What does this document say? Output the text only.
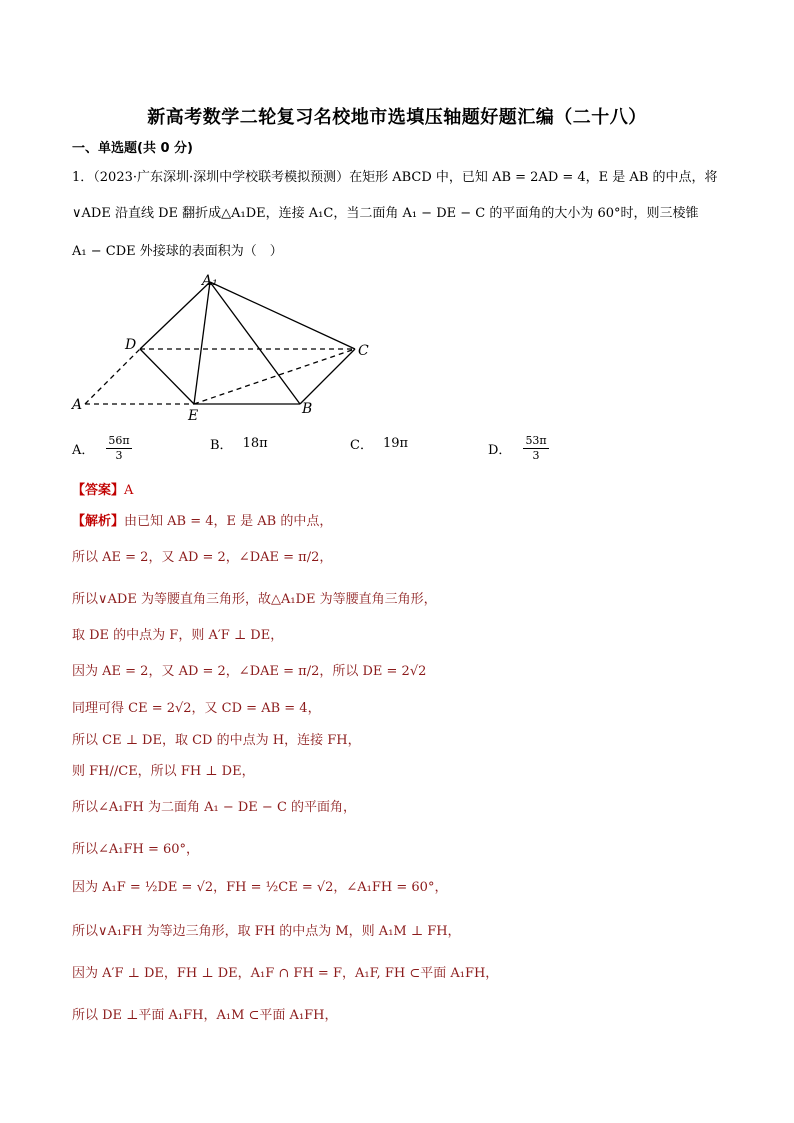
新高考数学二轮复习名校地市选填压轴题好题汇编（二十八）
一、单选题(共 0 分)
1．（2023·广东深圳·深圳中学校联考模拟预测）在矩形 ABCD 中，已知 AB = 2AD = 4，E 是 AB 的中点，将
∨ADE 沿直线 DE 翻折成△A₁DE，连接 A₁C，当二面角 A₁ − DE − C 的平面角的大小为 60°时，则三棱锥
A₁ − CDE 外接球的表面积为（　）
A₁
D	C
A
E	B
A． $\frac{56\pi}{3}$	B． 18π	C． 19π	D． $\frac{53\pi}{3}$
【答案】A
【解析】由已知 AB = 4，E 是 AB 的中点，
所以 AE = 2，又 AD = 2，∠DAE = π/2，
所以∨ADE 为等腰直角三角形，故△A₁DE 为等腰直角三角形，
取 DE 的中点为 F，则 A′F ⊥ DE，
因为 AE = 2，又 AD = 2，∠DAE = π/2，所以 DE = 2√2
同理可得 CE = 2√2，又 CD = AB = 4，
所以 CE ⊥ DE，取 CD 的中点为 H，连接 FH，
则 FH//CE，所以 FH ⊥ DE，
所以∠A₁FH 为二面角 A₁ − DE − C 的平面角，
所以∠A₁FH = 60°，
因为 A₁F = ½DE = √2，FH = ½CE = √2，∠A₁FH = 60°，
所以∨A₁FH 为等边三角形，取 FH 的中点为 M，则 A₁M ⊥ FH，
因为 A′F ⊥ DE，FH ⊥ DE，A₁F ∩ FH = F，A₁F, FH ⊂平面 A₁FH，
所以 DE ⊥平面 A₁FH，A₁M ⊂平面 A₁FH，
